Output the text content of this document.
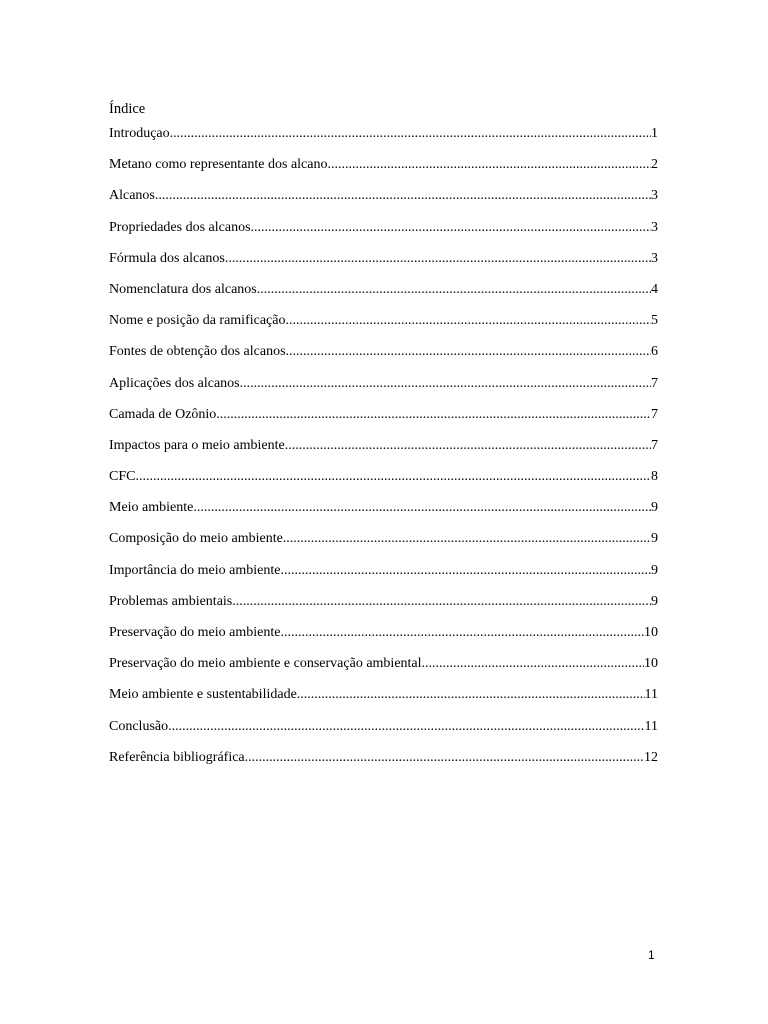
Índice
Introduçao .....	1
Metano como representante dos alcano .....	2
Alcanos .....	3
Propriedades dos alcanos .....	3
Fórmula dos alcanos .....	3
Nomenclatura dos alcanos .....	4
Nome e posição da ramificação .....	5
Fontes de obtenção dos alcanos .....	6
Aplicações dos alcanos .....	7
Camada de Ozônio .....	7
Impactos para o meio ambiente .....	7
CFC .....	8
Meio ambiente .....	9
Composição do meio ambiente .....	9
Importância do meio ambiente .....	9
Problemas ambientais .....	9
Preservação do meio ambiente .....	10
Preservação do meio ambiente e conservação ambiental .....	10
Meio ambiente e sustentabilidade .....	11
Conclusão .....	11
Referência bibliográfica .....	12
1
